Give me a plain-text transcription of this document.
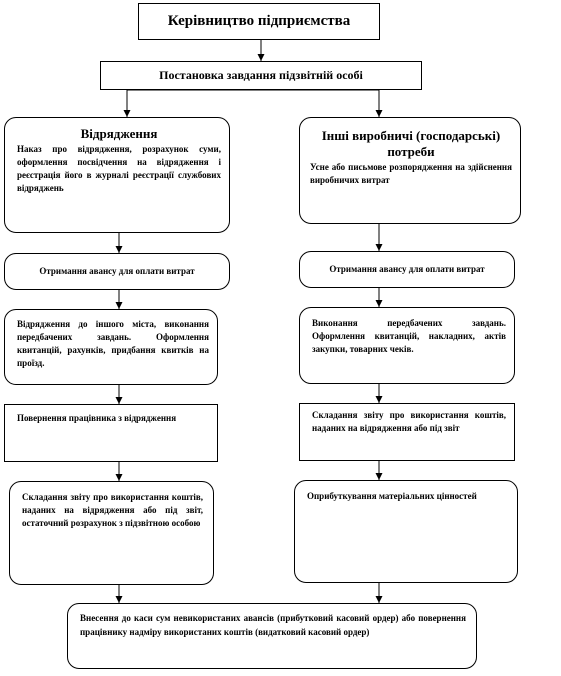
Керівництво підприємства
Постановка завдання підзвітній особі
Відрядження
Наказ про відрядження, розрахунок суми, оформлення посвідчення на відрядження і реєстрація його в журналі реєстрації службових відряджень
Отримання авансу для оплати витрат
Відрядження до іншого міста, виконання передбачених завдань. Оформлення квитанцій, рахунків, придбання квитків на проїзд.
Повернення працівника з відрядження
Складання звіту про використання коштів, наданих на відрядження або під звіт, остаточний розрахунок з підзвітною особою
Інші виробничі (господарські) потреби
Усне або письмове розпорядження на здійснення виробничих витрат
Отримання авансу для оплати витрат
Виконання передбачених завдань. Оформлення квитанцій, накладних, актів закупки, товарних чеків.
Складання звіту про використання коштів, наданих на відрядження або під звіт
Оприбуткування матеріальних цінностей
Внесення до каси сум невикористаних авансів (прибутковий касовий ордер) або повернення працівнику надміру використаних коштів (видатковий касовий ордер)
